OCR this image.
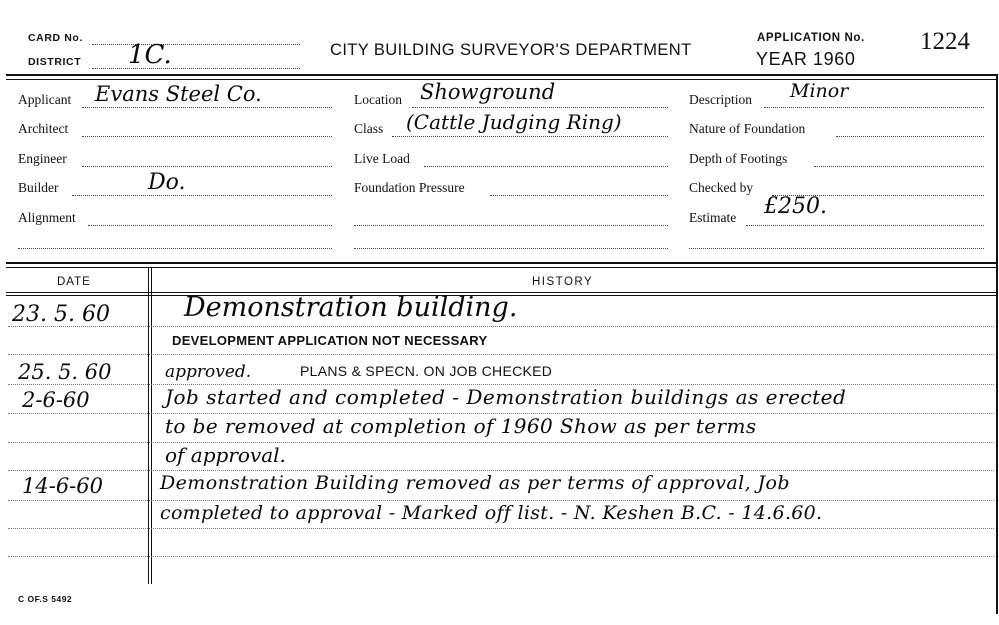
CARD No.
DISTRICT 1C.	CITY BUILDING SURVEYOR'S DEPARTMENT
APPLICATION No.
YEAR 1960
1224
Applicant Evans Steel Co.
Architect
Engineer
Builder	Do.
Alignment
Location Showground
Class (Cattle Judging Ring)
Live Load
Foundation Pressure
Description Minor
Nature of Foundation
Depth of Footings
Checked by
Estimate £250.
DATE	HISTORY
23. 5. 60	Demonstration building.
DEVELOPMENT APPLICATION NOT NECESSARY
25. 5. 60	approved.	PLANS & SPECN. ON JOB CHECKED
2-6-60	Job started and completed - Demonstration buildings as erected
to be removed at completion of 1960 Show as per terms
of approval.
14-6-60	Demonstration Building removed as per terms of approval, Job
completed to approval - Marked off list. - N. Keshen B.C. - 14.6.60.
C OF.S 5492
